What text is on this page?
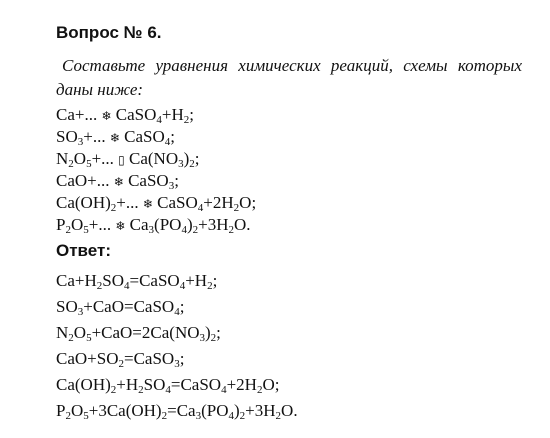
Вопрос № 6.
Составьте уравнения химических реакций, схемы которых даны ниже:
Ca+... ❄ $CaSO_4+H_2$;
$SO_3+$... ❄ CaSO$_4$;
$N_2O_5+$... ▯ $Ca(NO_3)_2$;
CaO+... ❄ CaSO$_3$;
$Ca(OH)_2+$... ❄ $CaSO_4+2H_2O$;
$P_2O_5+$... ❄ $Ca_3(PO_4)_2+3H_2O$.
Ответ:
$Ca+H_2SO_4=CaSO_4+H_2$;
$SO_3+CaO=CaSO_4$;
$N_2O_5+CaO=2Ca(NO_3)_2$;
$CaO+SO_2=CaSO_3$;
$Ca(OH)_2+H_2SO_4=CaSO_4+2H_2O$;
$P_2O_5+3Ca(OH)_2=Ca_3(PO_4)_2+3H_2O$.
